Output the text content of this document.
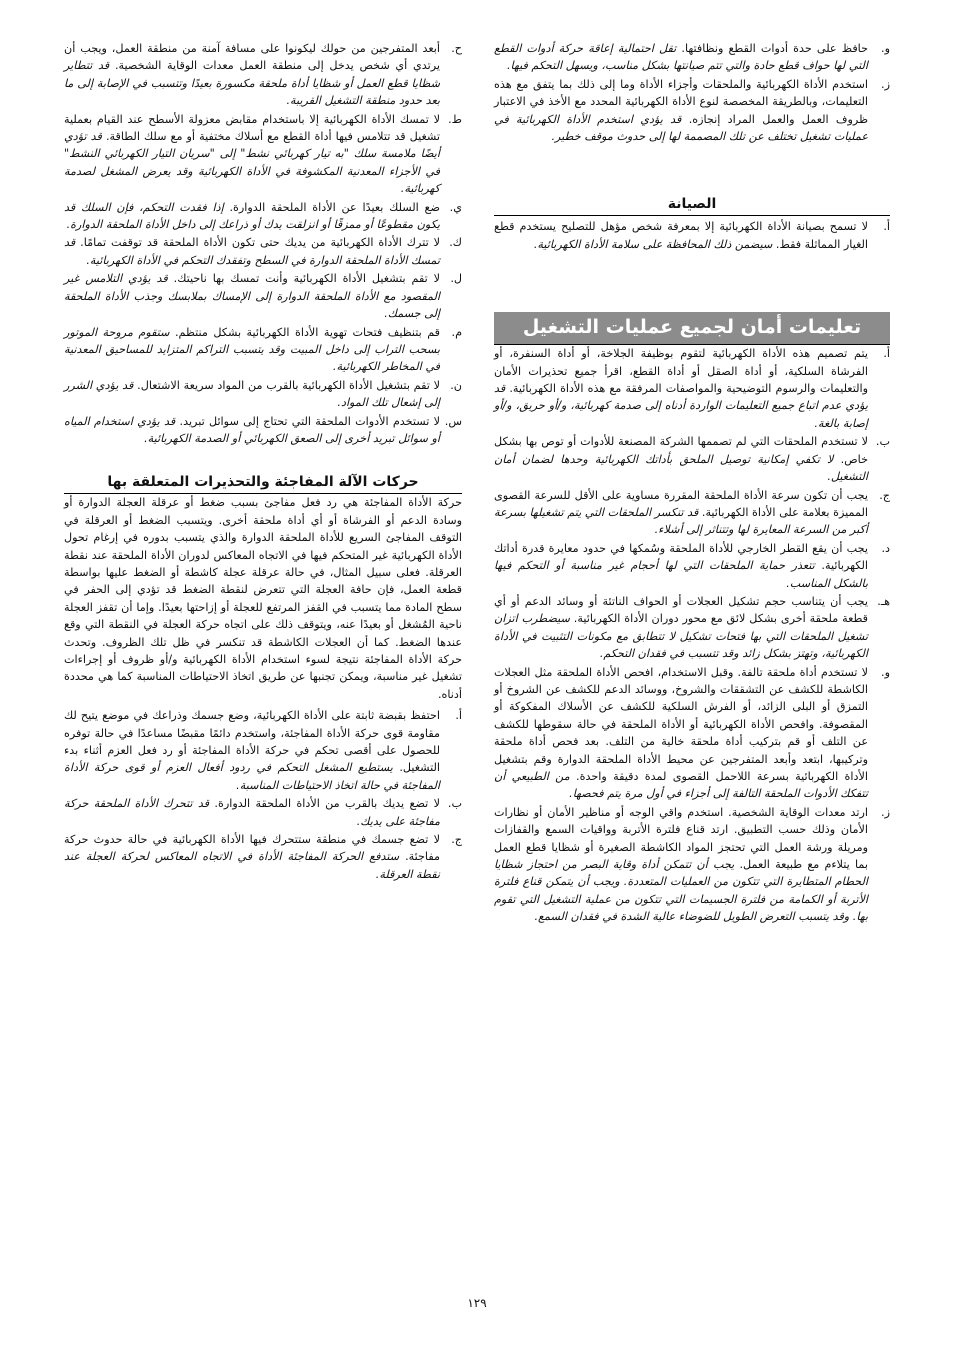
و.
حافظ على حدة أدوات القطع ونظافتها. تقل احتمالية إعاقة حركة أدوات القطع التي لها حواف قطع حادة والتي تتم صيانتها بشكل مناسب، ويسهل التحكم فيها.
ز.
استخدم الأداة الكهربائية والملحقات وأجزاء الأداة وما إلى ذلك بما يتفق مع هذه التعليمات، وبالطريقة المخصصة لنوع الأداة الكهربائية المحدد مع الأخذ في الاعتبار ظروف العمل والعمل المراد إنجازه. قد يؤدي استخدم الأداة الكهربائية في عمليات تشغيل تختلف عن تلك المصممة لها إلى حدوث موقف خطير.
الصيانة
أ.
لا تسمح بصيانة الأداة الكهربائية إلا بمعرفة شخص مؤهل للتصليح يستخدم قطع الغيار المماثلة فقط. سيضمن ذلك المحافظة على سلامة الأداة الكهربائية.
تعليمات أمان لجميع عمليات التشغيل
أ.
يتم تصميم هذه الأداة الكهربائية لتقوم بوظيفة الجلاخة، أو أداة السنفرة، أو الفرشاة السلكية، أو أداة الصقل أو أداة القطع، اقرأ جميع تحذيرات الأمان والتعليمات والرسوم التوضيحية والمواصفات المرفقة مع هذه الأداة الكهربائية. قد يؤدي عدم اتباع جميع التعليمات الواردة أدناه إلى صدمة كهربائية، و/أو حريق، و/أو إصابة بالغة.
ب.
لا تستخدم الملحقات التي لم تصممها الشركة المصنعة للأدوات أو توص بها بشكل خاص. لا تكفي إمكانية توصيل الملحق بأداتك الكهربائية وحدها لضمان أمان التشغيل.
ج.
يجب أن تكون سرعة الأداة الملحقة المقررة مساوية على الأقل للسرعة القصوى المميزة بعلامة على الأداة الكهربائية. قد تنكسر الملحقات التي يتم تشغيلها بسرعة أكبر من السرعة المعايرة لها وتتناثر إلى أشلاء.
د.
يجب أن يقع القطر الخارجي للأداة الملحقة وسُمكها في حدود معايرة قدرة أداتك الكهربائية. تتعذر حماية الملحقات التي لها أحجام غير مناسبة أو التحكم فيها بالشكل المناسب.
هـ.
يجب أن يتناسب حجم تشكيل العجلات أو الحواف الناتئة أو وسائد الدعم أو أي قطعة ملحقة أخرى بشكل لائق مع محور دوران الأداة الكهربائية. سيضطرب اتزان تشغيل الملحقات التي بها فتحات تشكيل لا تتطابق مع مكونات التثبيت في الأداة الكهربائية، وتهتز بشكل زائد وقد تتسبب في فقدان التحكم.
و.
لا تستخدم أداة ملحقة تالفة. وقبل الاستخدام، افحص الأداة الملحقة مثل العجلات الكاشطة للكشف عن التشققات والشروخ، ووسائد الدعم للكشف عن الشروخ أو التمزق أو البلى الزائد، أو الفرش السلكية للكشف عن الأسلاك المفكوكة أو المقصوفة. وافحص الأداة الكهربائية أو الأداة الملحقة في حالة سقوطها للكشف عن التلف أو قم بتركيب أداة ملحقة خالية من التلف. بعد فحص أداة ملحقة وتركيبها، ابتعد وأبعد المتفرجين عن محيط الأداة الملحقة الدوارة وقم بتشغيل الأداة الكهربائية بسرعة اللاحمل القصوى لمدة دقيقة واحدة. من الطبيعي أن تتفكك الأدوات الملحقة التالفة إلى أجزاء في أول مرة يتم فحصها.
ز.
ارتد معدات الوقاية الشخصية. استخدم واقي الوجه أو مناظير الأمان أو نظارات الأمان وذلك حسب التطبيق. ارتد قناع فلترة الأتربة وواقيات السمع والقفازات ومريلة ورشة العمل التي تحتجز المواد الكاشطة الصغيرة أو شظايا قطع العمل بما يتلاءم مع طبيعة العمل. يجب أن تتمكن أداة وقاية البصر من احتجاز شظايا الحطام المتطايرة التي تتكون من العمليات المتعددة. ويجب أن يتمكن قناع فلترة الأتربة أو الكمامة من فلترة الجسيمات التي تتكون من عملية التشغيل التي تقوم بها. وقد يتسبب التعرض الطويل للضوضاء عالية الشدة في فقدان السمع.
ح.
أبعد المتفرجين من حولك ليكونوا على مسافة آمنة من منطقة العمل، ويجب أن يرتدي أي شخص يدخل إلى منطقة العمل معدات الوقاية الشخصية. قد تتطاير شظايا قطع العمل أو شظايا أداة ملحقة مكسورة بعيدًا وتتسبب في الإصابة إلى ما بعد حدود منطقة التشغيل القريبة.
ط.
لا تمسك الأداة الكهربائية إلا باستخدام مقابض معزولة الأسطح عند القيام بعملية تشغيل قد تتلامس فيها أداة القطع مع أسلاك مختفية أو مع سلك الطاقة. قد تؤدي أيضًا ملامسة سلك "به تيار كهربائي نشط" إلى "سريان التيار الكهربائي النشط" في الأجزاء المعدنية المكشوفة في الأداة الكهربائية وقد يعرض المشغل لصدمة كهربائية.
ي.
ضع السلك بعيدًا عن الأداة الملحقة الدوارة. إذا فقدت التحكم، فإن السلك قد يكون مقطوعًا أو ممزقًا أو انزلقت يدك أو ذراعك إلى داخل الأداة الملحقة الدوارة.
ك.
لا تترك الأداة الكهربائية من يديك حتى تكون الأداة الملحقة قد توقفت تمامًا. قد تمسك الأداة الملحقة الدوارة في السطح وتفقدك التحكم في الأداة الكهربائية.
ل.
لا تقم بتشغيل الأداة الكهربائية وأنت تمسك بها ناحيتك. قد يؤدي التلامس غير المقصود مع الأداة الملحقة الدوارة إلى الإمساك بملابسك وجذب الأداة الملحقة إلى جسمك.
م.
قم بتنظيف فتحات تهوية الأداة الكهربائية بشكل منتظم. ستقوم مروحة الموتور بسحب التراب إلى داخل المبيت وقد يتسبب التراكم المتزايد للمساحيق المعدنية في المخاطر الكهربائية.
ن.
لا تقم بتشغيل الأداة الكهربائية بالقرب من المواد سريعة الاشتعال. قد يؤدي الشرر إلى إشعال تلك المواد.
س.
لا تستخدم الأدوات الملحقة التي تحتاج إلى سوائل تبريد. قد يؤدي استخدام المياه أو سوائل تبريد أخرى إلى الصعق الكهربائي أو الصدمة الكهربائية.
حركات الآلة المفاجئة والتحذيرات المتعلقة بها
حركة الأداة المفاجئة هي رد فعل مفاجئ بسبب ضغط أو عرقلة العجلة الدوارة أو وسادة الدعم أو الفرشاة أو أي أداة ملحقة أخرى. ويتسبب الضغط أو العرقلة في التوقف المفاجئ السريع للأداة الملحقة الدوارة والذي يتسبب بدوره في إرغام تحول الأداة الكهربائية غير المتحكم فيها في الاتجاه المعاكس لدوران الأداة الملحقة عند نقطة العرقلة. فعلى سبيل المثال، في حالة عرقلة عجلة كاشطة أو الضغط عليها بواسطة قطعة العمل، فإن حافة العجلة التي تتعرض لنقطة الضغط قد تؤدي إلى الحفر في سطح المادة مما يتسبب في القفز المرتفع للعجلة أو إزاحتها بعيدًا. وإما أن تقفز العجلة ناحية المُشغل أو بعيدًا عنه، ويتوقف ذلك على اتجاه حركة العجلة في النقطة التي وقع عندها الضغط. كما أن العجلات الكاشطة قد تنكسر في ظل تلك الظروف. وتحدث حركة الأداة المفاجئة نتيجة لسوء استخدام الأداة الكهربائية و/أو ظروف أو إجراءات تشغيل غير مناسبة، ويمكن تجنبها عن طريق اتخاذ الاحتياطات المناسبة كما هي محددة أدناه.
أ.
احتفظ بقبضة ثابتة على الأداة الكهربائية، وضع جسمك وذراعك في موضع يتيح لك مقاومة قوى حركة الأداة المفاجئة، واستخدم دائمًا مقبضًا مساعدًا في حالة توفره للحصول على أقصى تحكم في حركة الأداة المفاجئة أو رد فعل العزم أثناء بدء التشغيل. يستطيع المشغل التحكم في ردود أفعال العزم أو قوى حركة الأداة المفاجئة في حالة اتخاذ الاحتياطات المناسبة.
ب.
لا تضع يديك بالقرب من الأداة الملحقة الدوارة. قد تتحرك الأداة الملحقة حركة مفاجئة على يديك.
ج.
لا تضع جسمك في منطقة ستتحرك فيها الأداة الكهربائية في حالة حدوث حركة مفاجئة. ستدفع الحركة المفاجئة الأداة في الاتجاه المعاكس لحركة العجلة عند نقطة العرقلة.
١٢٩
